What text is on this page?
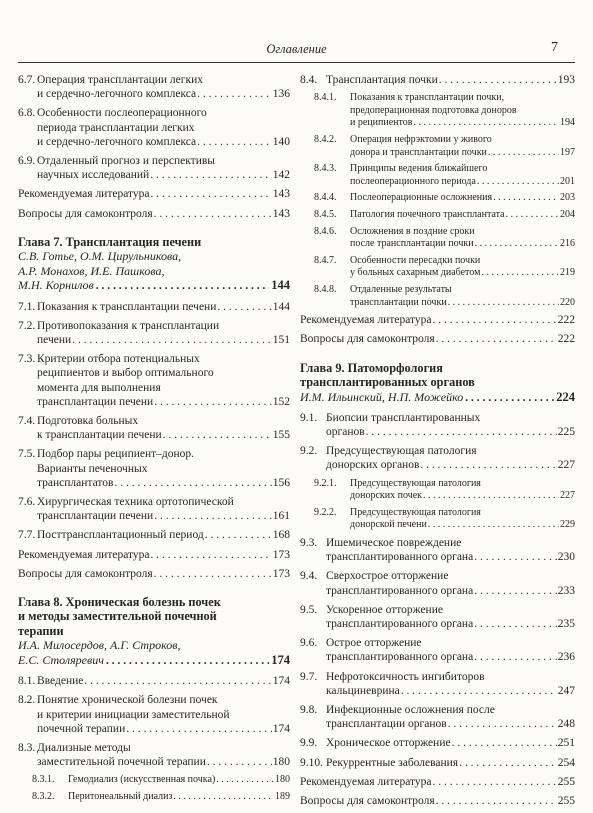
Оглавление	7
6.7. Операция трансплантации легких
и сердечно-легочного комплекса . . .	136
6.8. Особенности послеоперационного
периода трансплантации легких
и сердечно-легочного комплекса . . .	140
6.9. Отдаленный прогноз и перспективы
научных исследований . . .	142
Рекомендуемая литература . . .	143
Вопросы для самоконтроля . . .	143
Глава 7. Трансплантация печени
С.В. Готье, О.М. Цирульникова,
А.Р. Монахов, И.Е. Пашкова,
М.Н. Корнилов . . .	144
7.1. Показания к трансплантации печени . . .	144
7.2. Противопоказания к трансплантации
печени . . .	151
7.3. Критерии отбора потенциальных
реципиентов и выбор оптимального
момента для выполнения
трансплантации печени . . .	152
7.4. Подготовка больных
к трансплантации печени . . .	155
7.5. Подбор пары реципиент–донор.
Варианты печеночных
трансплантатов . . .	156
7.6. Хирургическая техника ортотопической
трансплантации печени . . .	161
7.7. Посттрансплантационный период . . .	168
Рекомендуемая литература . . .	173
Вопросы для самоконтроля . . .	173
Глава 8. Хроническая болезнь почек
и методы заместительной почечной
терапии
И.А. Милосердов, А.Г. Строков,
Е.С. Столяревич . . .	174
8.1. Введение . . .	174
8.2. Понятие хронической болезни почек
и критерии инициации заместительной
почечной терапии . . .	174
8.3. Диализные методы
заместительной почечной терапии . . .	180
8.3.1.	Гемодиализ (искусственная почка) . . .	180
8.3.2.	Перитонеальный диализ . . .	189
8.4. Трансплантация почки . . .	193
8.4.1.	Показания к трансплантации почки,
предоперационная подготовка доноров
и реципиентов . . .	194
8.4.2.	Операция нефрэктомии у живого
донора и трансплантации почки . . .	197
8.4.3.	Принципы ведения ближайшего
послеоперационного периода . . .	201
8.4.4.	Послеоперационные осложнения . . .	203
8.4.5.	Патология почечного трансплантата . . .	204
8.4.6.	Осложнения в поздние сроки
после трансплантации почки . . .	216
8.4.7.	Особенности пересадки почки
у больных сахарным диабетом . . .	219
8.4.8.	Отдаленные результаты
трансплантации почки . . .	220
Рекомендуемая литература . . .	222
Вопросы для самоконтроля . . .	222
Глава 9. Патоморфология
трансплантированных органов
И.М. Ильинский, Н.П. Можейко . . .	224
9.1. Биопсии трансплантированных
органов . . .	225
9.2. Предсуществующая патология
донорских органов . . .	227
9.2.1.	Предсуществующая патология
донорских почек . . .	227
9.2.2.	Предсуществующая патология
донорской печени . . .	229
9.3. Ишемическое повреждение
трансплантированного органа . . .	230
9.4. Сверхострое отторжение
трансплантированного органа . . .	233
9.5. Ускоренное отторжение
трансплантированного органа . . .	235
9.6. Острое отторжение
трансплантированного органа . . .	236
9.7. Нефротоксичность ингибиторов
кальциневрина . . .	247
9.8. Инфекционные осложнения после
трансплантации органов . . .	248
9.9. Хроническое отторжение . . .	251
9.10. Рекуррентные заболевания . . .	254
Рекомендуемая литература . . .	255
Вопросы для самоконтроля . . .	255
